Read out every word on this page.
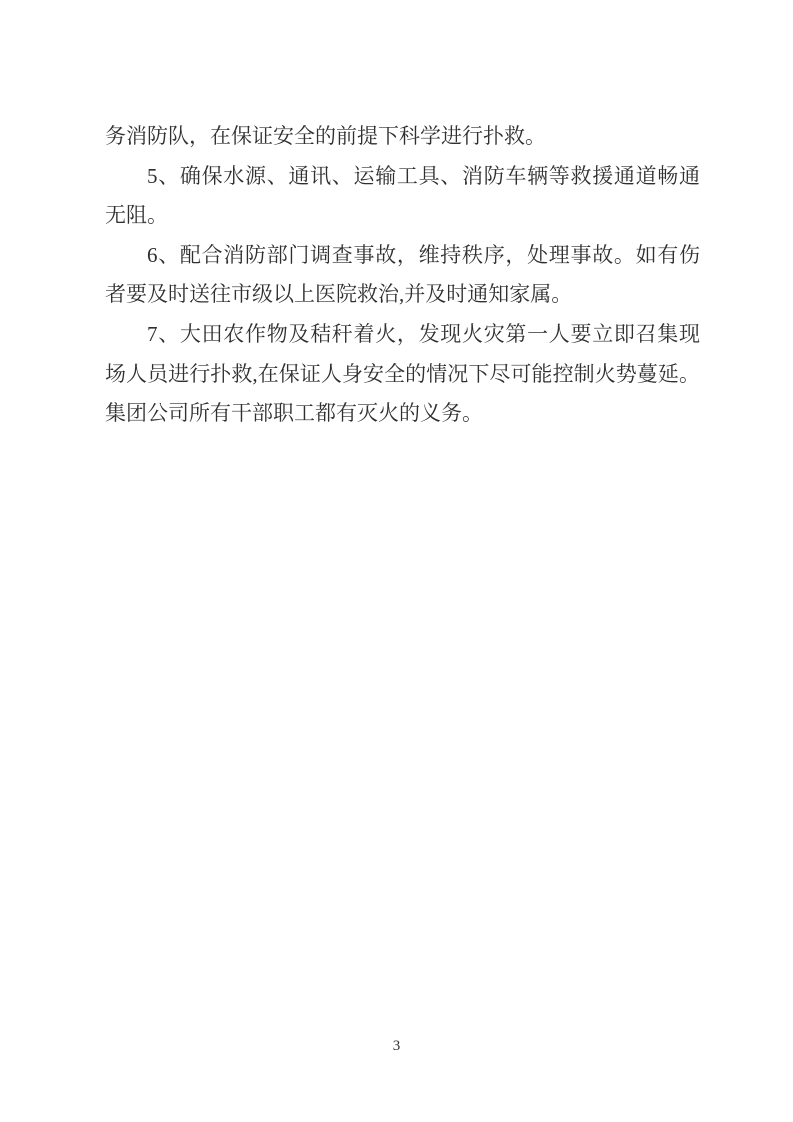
务消防队，在保证安全的前提下科学进行扑救。

5、确保水源、通讯、运输工具、消防车辆等救援通道畅通无阻。

6、配合消防部门调查事故，维持秩序，处理事故。如有伤者要及时送往市级以上医院救治,并及时通知家属。

7、大田农作物及秸秆着火，发现火灾第一人要立即召集现场人员进行扑救,在保证人身安全的情况下尽可能控制火势蔓延。集团公司所有干部职工都有灭火的义务。

3
